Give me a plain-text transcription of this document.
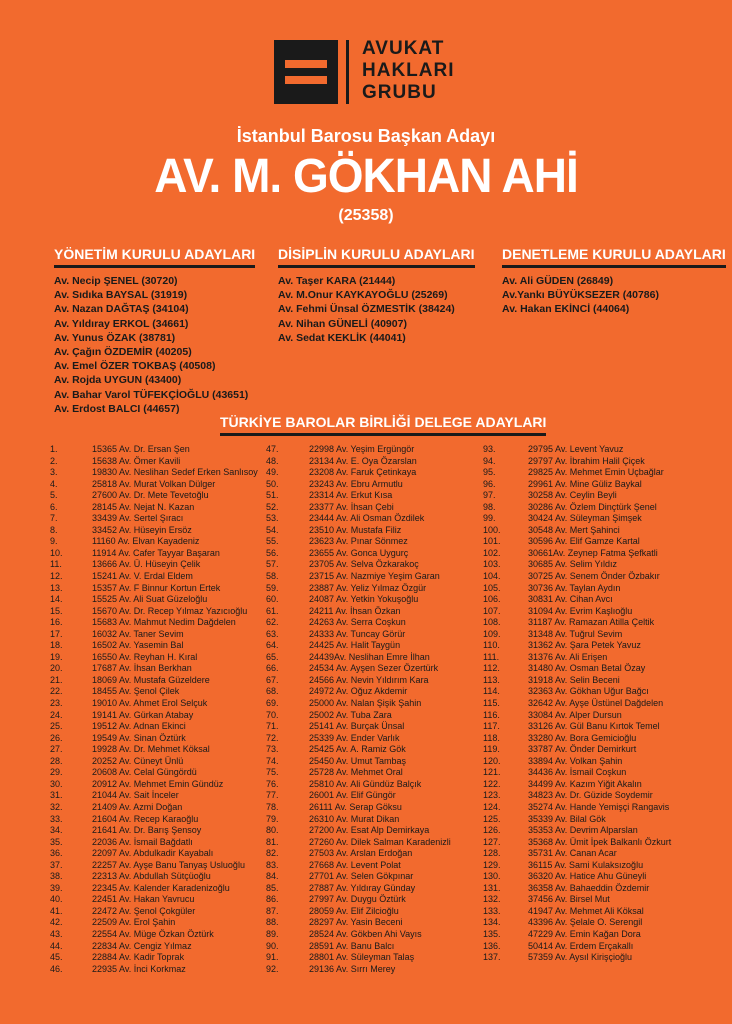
AVUKAT
HAKLARI
GRUBU
İstanbul Barosu Başkan Adayı
AV. M. GÖKHAN AHİ
(25358)
YÖNETİM KURULU ADAYLARI
Av. Necip ŞENEL (30720)
Av. Sıdıka BAYSAL (31919)
Av. Nazan DAĞTAŞ (34104)
Av. Yıldıray ERKOL (34661)
Av. Yunus ÖZAK (38781)
Av. Çağın ÖZDEMİR (40205)
Av. Emel ÖZER TOKBAŞ (40508)
Av. Rojda UYGUN (43400)
Av. Bahar Varol TÜFEKÇİOĞLU (43651)
Av. Erdost BALCI (44657)
DİSİPLİN KURULU ADAYLARI
Av. Taşer KARA (21444)
Av. M.Onur KAYKAYOĞLU (25269)
Av. Fehmi Ünsal ÖZMESTİK (38424)
Av. Nihan GÜNELİ (40907)
Av. Sedat KEKLİK (44041)
DENETLEME KURULU ADAYLARI
Av. Ali GÜDEN (26849)
Av.Yankı BÜYÜKSEZER (40786)
Av. Hakan EKİNCİ (44064)
TÜRKİYE BAROLAR BİRLİĞİ DELEGE ADAYLARI
1.	15365 Av. Dr. Ersan Şen
2.	15638 Av. Ömer Kavili
3.	19830 Av. Neslihan Sedef Erken Sanlısoy
4.	25818 Av. Murat Volkan Dülger
5.	27600 Av. Dr. Mete Tevetoğlu
6.	28145 Av. Nejat N. Kazan
7.	33439 Av. Sertel Şıracı
8.	33452 Av. Hüseyin Ersöz
9.	11160 Av. Elvan Kayadeniz
10.	11914 Av. Cafer Tayyar Başaran
11.	13666 Av. Ü. Hüseyin Çelik
12.	15241 Av. V. Erdal Eldem
13.	15357 Av. F Binnur Kortun Ertek
14.	15525 Av. Ali Suat Güzeloğlu
15.	15670 Av. Dr. Recep Yılmaz Yazıcıoğlu
16.	15683 Av. Mahmut Nedim Dağdelen
17.	16032 Av. Taner Sevim
18.	16502 Av. Yasemin Bal
19.	16550 Av. Reyhan H. Kıral
20.	17687 Av. İhsan Berkhan
21.	18069 Av. Mustafa Güzeldere
22.	18455 Av. Şenol Çilek
23.	19010 Av. Ahmet Erol Selçuk
24.	19141 Av. Gürkan Atabay
25.	19512 Av. Adnan Ekinci
26.	19549 Av. Sinan Öztürk
27.	19928 Av. Dr. Mehmet Köksal
28.	20252 Av. Cüneyt Ünlü
29.	20608 Av. Celal Güngördü
30.	20912 Av. Mehmet Emin Gündüz
31.	21044 Av. Sait İnceler
32.	21409 Av. Azmi Doğan
33.	21604 Av. Recep Karaoğlu
34.	21641 Av. Dr. Barış Şensoy
35.	22036 Av. İsmail Bağdatlı
36.	22097 Av. Abdulkadir Kayabalı
37.	22257 Av. Ayşe Banu Tanyaş Usluoğlu
38.	22313 Av. Abdullah Sütçüoğlu
39.	22345 Av. Kalender Karadenizoğlu
40.	22451 Av. Hakan Yavrucu
41.	22472 Av. Şenol Çokgüler
42.	22509 Av. Erol Şahin
43.	22554 Av. Müge Özkan Öztürk
44.	22834 Av. Cengiz Yılmaz
45.	22884 Av. Kadir Toprak
46.	22935 Av. İnci Korkmaz
47.	22998 Av. Yeşim Ergüngör
48.	23134 Av. E. Oya Özarslan
49.	23208 Av. Faruk Çetinkaya
50.	23243 Av. Ebru Armutlu
51.	23314 Av. Erkut Kısa
52.	23377 Av. İhsan Çebi
53.	23444 Av. Ali Osman Özdilek
54.	23510 Av. Mustafa Filiz
55.	23623 Av. Pınar Sönmez
56.	23655 Av. Gonca Uygurç
57.	23705 Av. Selva Özkarakoç
58.	23715 Av. Nazmiye Yeşim Garan
59.	23887 Av. Yeliz Yılmaz Özgür
60.	24087 Av. Yetkin Yokuşoğlu
61.	24211 Av. İhsan Özkan
62.	24263 Av. Serra Coşkun
63.	24333 Av. Tuncay Görür
64.	24425 Av. Halit Taygün
65.	24439Av. Neslihan Emre İlhan
66.	24534 Av. Ayşen Sezer Özertürk
67.	24566 Av. Nevin Yıldırım Kara
68.	24972 Av. Oğuz Akdemir
69.	25000 Av. Nalan Şişik Şahin
70.	25002 Av. Tuba Zara
71.	25141 Av. Burçak Ünsal
72.	25339 Av. Ender Varlık
73.	25425 Av. A. Ramiz Gök
74.	25450 Av. Umut Tambaş
75.	25728 Av. Mehmet Oral
76.	25810 Av. Ali Gündüz Balçık
77.	26001 Av. Elif Güngör
78.	26111 Av. Serap Göksu
79.	26310 Av. Murat Dikan
80.	27200 Av. Esat Alp Demirkaya
81.	27260 Av. Dilek Salman Karadenizli
82.	27503 Av. Arslan Erdoğan
83.	27668 Av. Levent Polat
84.	27701 Av. Selen Gökpınar
85.	27887 Av. Yıldıray Günday
86.	27997 Av. Duygu Öztürk
87.	28059 Av. Elif Zilcioğlu
88.	28297 Av. Yasin Beceni
89.	28524 Av. Gökben Ahi Vayıs
90.	28591 Av. Banu Balcı
91.	28801 Av. Süleyman Talaş
92.	29136 Av. Sırrı Merey
93.	29795 Av. Levent Yavuz
94.	29797 Av. İbrahim Halil Çiçek
95.	29825 Av. Mehmet Emin Uçbağlar
96.	29961 Av. Mine Güliz Baykal
97.	30258 Av. Ceylin Beyli
98.	30286 Av. Özlem Dinçtürk Şenel
99.	30424 Av. Süleyman Şimşek
100.	30548 Av. Mert Şahinci
101.	30596 Av. Elif Gamze Kartal
102.	30661Av. Zeynep Fatma Şefkatli
103.	30685 Av. Selim Yıldız
104.	30725 Av. Senem Önder Özbakır
105.	30736 Av. Taylan Aydın
106.	30831 Av. Cihan Avcı
107.	31094 Av. Evrim Kaşlıoğlu
108.	31187 Av. Ramazan Atilla Çeltik
109.	31348 Av. Tuğrul Sevim
110.	31362 Av. Şara Petek Yavuz
111.	31376 Av. Ali Erişen
112.	31480 Av. Osman Betal Özay
113.	31918 Av. Selin Beceni
114.	32363 Av. Gökhan Uğur Bağcı
115.	32642 Av. Ayşe Üstünel Dağdelen
116.	33084 Av. Alper Dursun
117.	33126 Av. Gül Banu Kırtok Temel
118.	33280 Av. Bora Gemicioğlu
119.	33787 Av. Önder Demirkurt
120.	33894 Av. Volkan Şahin
121.	34436 Av. İsmail Coşkun
122.	34499 Av. Kazım Yiğit Akalın
123.	34823 Av. Dr. Güzide Soydemir
124.	35274 Av. Hande Yemişçi Rangavis
125.	35339 Av. Bilal Gök
126.	35353 Av. Devrim Alparslan
127.	35368 Av. Ümit İpek Balkanlı Özkurt
128.	35731 Av. Canan Acar
129.	36115 Av. Sami Kulaksızoğlu
130.	36320 Av. Hatice Ahu Güneyli
131.	36358 Av. Bahaeddin Özdemir
132.	37456 Av. Birsel Mut
133.	41947 Av. Mehmet Ali Köksal
134.	43396 Av. Şelale O. Serengil
135.	47229 Av. Emin Kağan Dora
136.	50414 Av. Erdem Erçakallı
137.	57359 Av. Aysıl Kirişçioğlu
